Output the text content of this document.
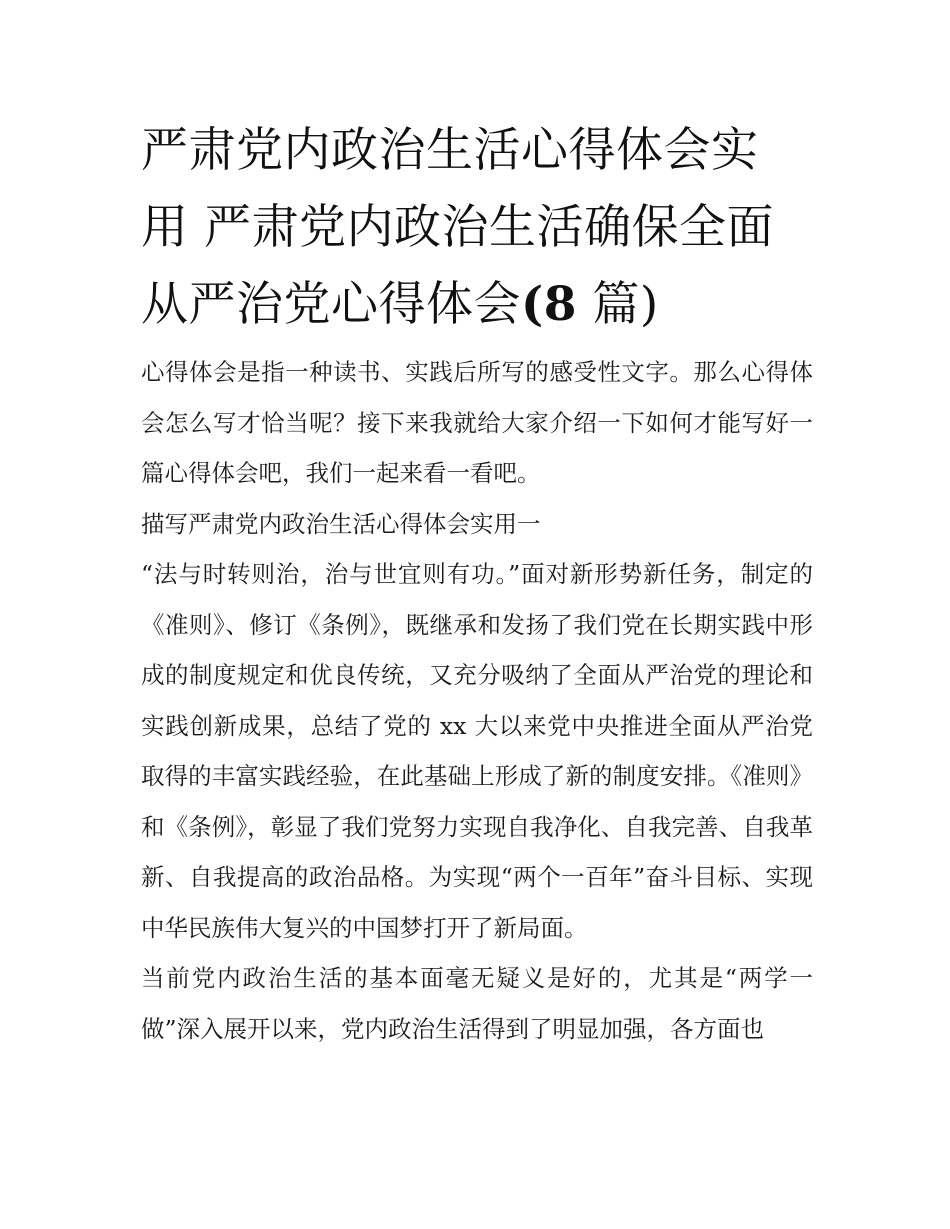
严肃党内政治生活心得体会实
用 严肃党内政治生活确保全面
从严治党心得体会(8 篇)

心得体会是指一种读书、实践后所写的感受性文字。那么心得体会怎么写才恰当呢？接下来我就给大家介绍一下如何才能写好一篇心得体会吧，我们一起来看一看吧。

描写严肃党内政治生活心得体会实用一

“法与时转则治，治与世宜则有功。”面对新形势新任务，制定的《准则》、修订《条例》，既继承和发扬了我们党在长期实践中形成的制度规定和优良传统，又充分吸纳了全面从严治党的理论和实践创新成果，总结了党的 xx 大以来党中央推进全面从严治党取得的丰富实践经验，在此基础上形成了新的制度安排。《准则》和《条例》，彰显了我们党努力实现自我净化、自我完善、自我革新、自我提高的政治品格。为实现“两个一百年”奋斗目标、实现中华民族伟大复兴的中国梦打开了新局面。

当前党内政治生活的基本面毫无疑义是好的，尤其是“两学一做”深入展开以来，党内政治生活得到了明显加强，各方面也
